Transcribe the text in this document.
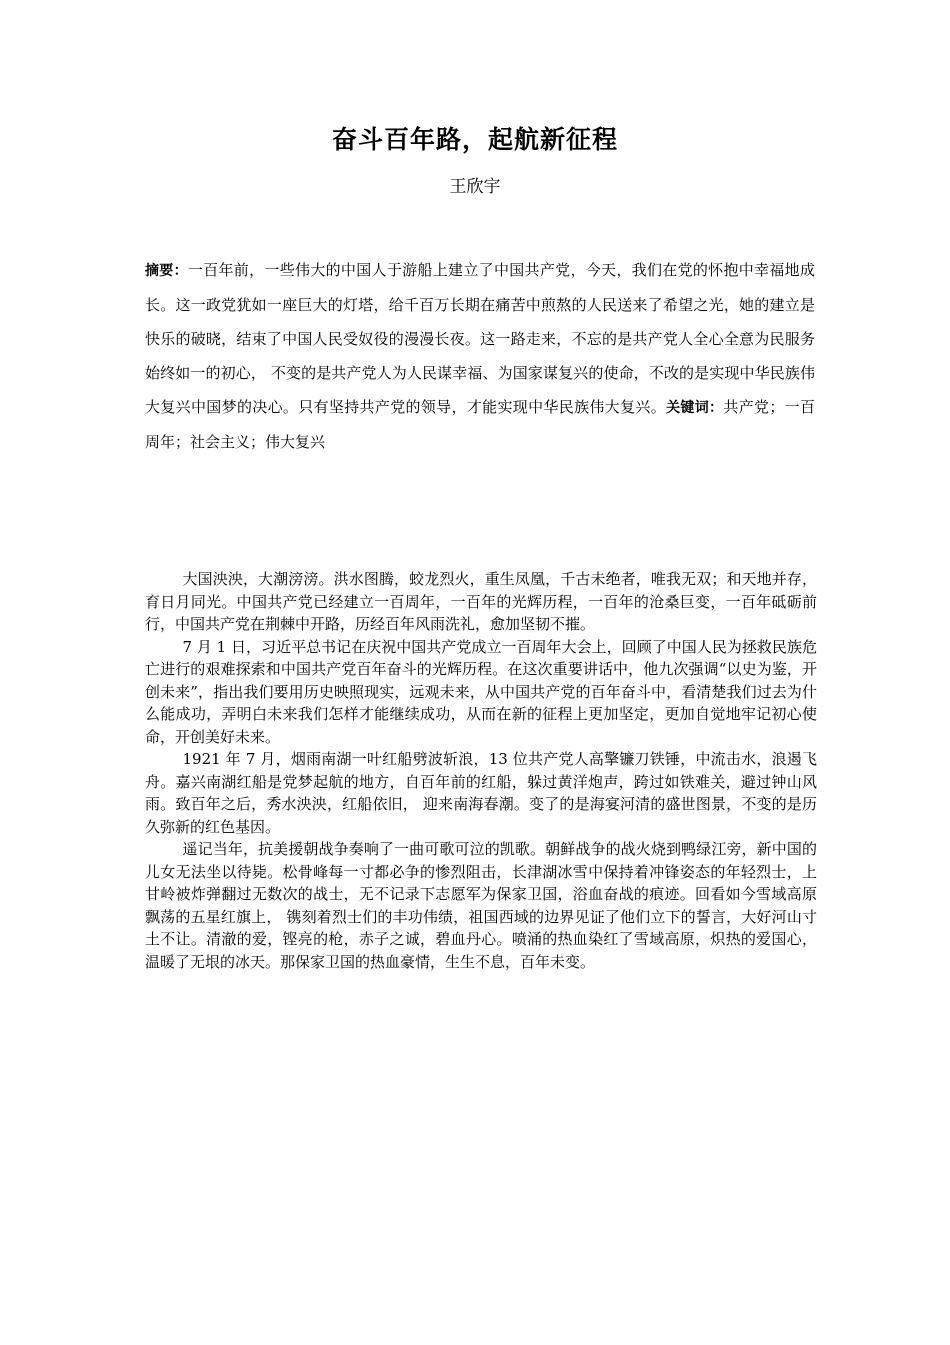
奋斗百年路，起航新征程
王欣宇
摘要：一百年前，一些伟大的中国人于游船上建立了中国共产党，今天，我们在党的怀抱中幸福地成长。这一政党犹如一座巨大的灯塔，给千百万长期在痛苦中煎熬的人民送来了希望之光，她的建立是快乐的破晓，结束了中国人民受奴役的漫漫长夜。这一路走来，不忘的是共产党人全心全意为民服务始终如一的初心， 不变的是共产党人为人民谋幸福、为国家谋复兴的使命，不改的是实现中华民族伟大复兴中国梦的决心。只有坚持共产党的领导，才能实现中华民族伟大复兴。关键词：共产党；一百周年；社会主义；伟大复兴

大国泱泱，大潮滂滂。洪水图腾，蛟龙烈火，重生凤凰，千古未绝者，唯我无双；和天地并存，育日月同光。中国共产党已经建立一百周年，一百年的光辉历程，一百年的沧桑巨变，一百年砥砺前行，中国共产党在荆棘中开路，历经百年风雨洗礼，愈加坚韧不摧。

7 月 1 日，习近平总书记在庆祝中国共产党成立一百周年大会上，回顾了中国人民为拯救民族危亡进行的艰难探索和中国共产党百年奋斗的光辉历程。在这次重要讲话中，他九次强调“以史为鉴，开创未来”，指出我们要用历史映照现实，远观未来，从中国共产党的百年奋斗中，看清楚我们过去为什么能成功，弄明白未来我们怎样才能继续成功，从而在新的征程上更加坚定，更加自觉地牢记初心使命，开创美好未来。

1921 年 7 月，烟雨南湖一叶红船劈波斩浪，13 位共产党人高擎镰刀铁锤，中流击水，浪遏飞舟。嘉兴南湖红船是党梦起航的地方，自百年前的红船，躲过黄洋炮声，跨过如铁难关，避过钟山风雨。致百年之后，秀水泱泱，红船依旧， 迎来南海春潮。变了的是海宴河清的盛世图景，不变的是历久弥新的红色基因。

遥记当年，抗美援朝战争奏响了一曲可歌可泣的凯歌。朝鲜战争的战火烧到鸭绿江旁，新中国的儿女无法坐以待毙。松骨峰每一寸都必争的惨烈阻击，长津湖冰雪中保持着冲锋姿态的年轻烈士，上甘岭被炸弹翻过无数次的战士，无不记录下志愿军为保家卫国，浴血奋战的痕迹。回看如今雪域高原飘荡的五星红旗上， 镌刻着烈士们的丰功伟绩，祖国西域的边界见证了他们立下的誓言，大好河山寸土不让。清澈的爱，铿亮的枪，赤子之诚，碧血丹心。喷涌的热血染红了雪域高原，炽热的爱国心，温暖了无垠的冰天。那保家卫国的热血豪情，生生不息，百年未变。
